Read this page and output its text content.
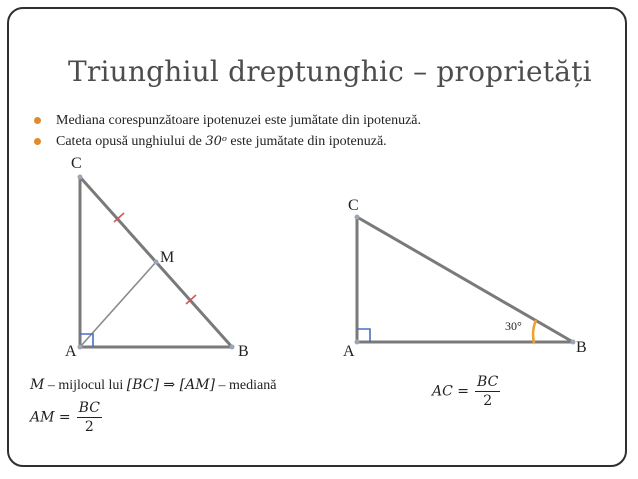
Triunghiul dreptunghic – proprietăți
Mediana corespunzătoare ipotenuzei este jumătate din ipotenuză.
Cateta opusă unghiului de 30ᵒ este jumătate din ipotenuză.
C
M
A	B
C
A	B
30°
M – mijlocul lui [BC] ⇒ [AM] – mediană
AM = $\frac{BC}{2}$
AC = $\frac{BC}{2}$
